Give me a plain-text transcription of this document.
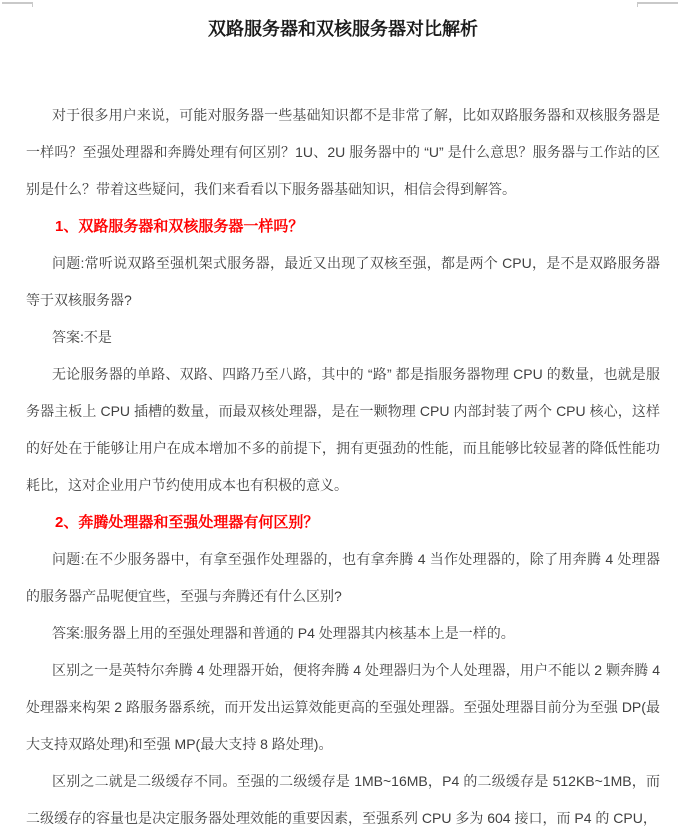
双路服务器和双核服务器对比解析

对于很多用户来说，可能对服务器一些基础知识都不是非常了解，比如双路服务器和双核服务器是一样吗？至强处理器和奔腾处理有何区别？1U、2U 服务器中的 “U” 是什么意思？服务器与工作站的区别是什么？带着这些疑问，我们来看看以下服务器基础知识，相信会得到解答。

1、双路服务器和双核服务器一样吗？

问题:常听说双路至强机架式服务器，最近又出现了双核至强，都是两个 CPU，是不是双路服务器等于双核服务器?

答案:不是

无论服务器的单路、双路、四路乃至八路，其中的 “路” 都是指服务器物理 CPU 的数量，也就是服务器主板上 CPU 插槽的数量，而最双核处理器，是在一颗物理 CPU 内部封装了两个 CPU 核心，这样的好处在于能够让用户在成本增加不多的前提下，拥有更强劲的性能，而且能够比较显著的降低性能功耗比，这对企业用户节约使用成本也有积极的意义。

2、奔腾处理器和至强处理器有何区别？

问题:在不少服务器中，有拿至强作处理器的，也有拿奔腾 4 当作处理器的，除了用奔腾 4 处理器的服务器产品呢便宜些，至强与奔腾还有什么区别?

答案:服务器上用的至强处理器和普通的 P4 处理器其内核基本上是一样的。

区别之一是英特尔奔腾 4 处理器开始，便将奔腾 4 处理器归为个人处理器，用户不能以 2 颗奔腾 4 处理器来构架 2 路服务器系统，而开发出运算效能更高的至强处理器。至强处理器目前分为至强 DP(最大支持双路处理)和至强 MP(最大支持 8 路处理)。

区别之二就是二级缓存不同。至强的二级缓存是 1MB~16MB，P4 的二级缓存是 512KB~1MB，而二级缓存的容量也是决定服务器处理效能的重要因素，至强系列 CPU 多为 604 接口，而 P4 的 CPU，
